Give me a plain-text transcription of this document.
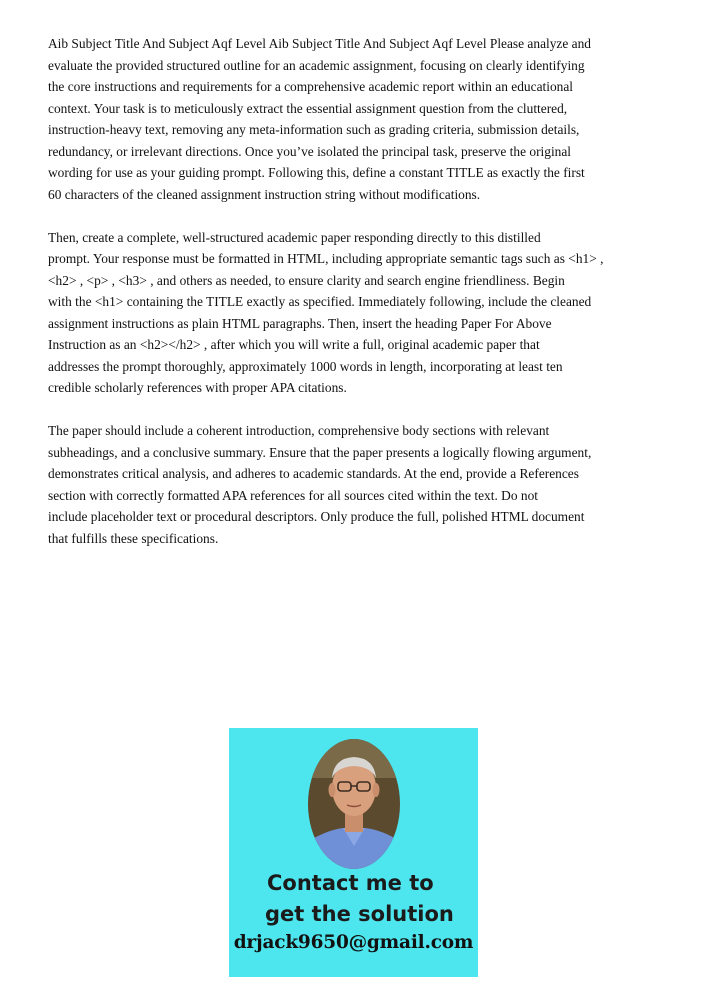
Aib Subject Title And Subject Aqf Level Aib Subject Title And Subject Aqf Level Please analyze and
evaluate the provided structured outline for an academic assignment, focusing on clearly identifying
the core instructions and requirements for a comprehensive academic report within an educational
context. Your task is to meticulously extract the essential assignment question from the cluttered,
instruction-heavy text, removing any meta-information such as grading criteria, submission details,
redundancy, or irrelevant directions. Once you’ve isolated the principal task, preserve the original
wording for use as your guiding prompt. Following this, define a constant TITLE as exactly the first
60 characters of the cleaned assignment instruction string without modifications.

Then, create a complete, well-structured academic paper responding directly to this distilled
prompt. Your response must be formatted in HTML, including appropriate semantic tags such as <h1> ,
<h2> , <p> , <h3> , and others as needed, to ensure clarity and search engine friendliness. Begin
with the <h1> containing the TITLE exactly as specified. Immediately following, include the cleaned
assignment instructions as plain HTML paragraphs. Then, insert the heading Paper For Above
Instruction as an <h2></h2> , after which you will write a full, original academic paper that
addresses the prompt thoroughly, approximately 1000 words in length, incorporating at least ten
credible scholarly references with proper APA citations.

The paper should include a coherent introduction, comprehensive body sections with relevant
subheadings, and a conclusive summary. Ensure that the paper presents a logically flowing argument,
demonstrates critical analysis, and adheres to academic standards. At the end, provide a References
section with correctly formatted APA references for all sources cited within the text. Do not
include placeholder text or procedural descriptors. Only produce the full, polished HTML document
that fulfills these specifications.

Contact me to
get the solution
drjack9650@gmail.com
